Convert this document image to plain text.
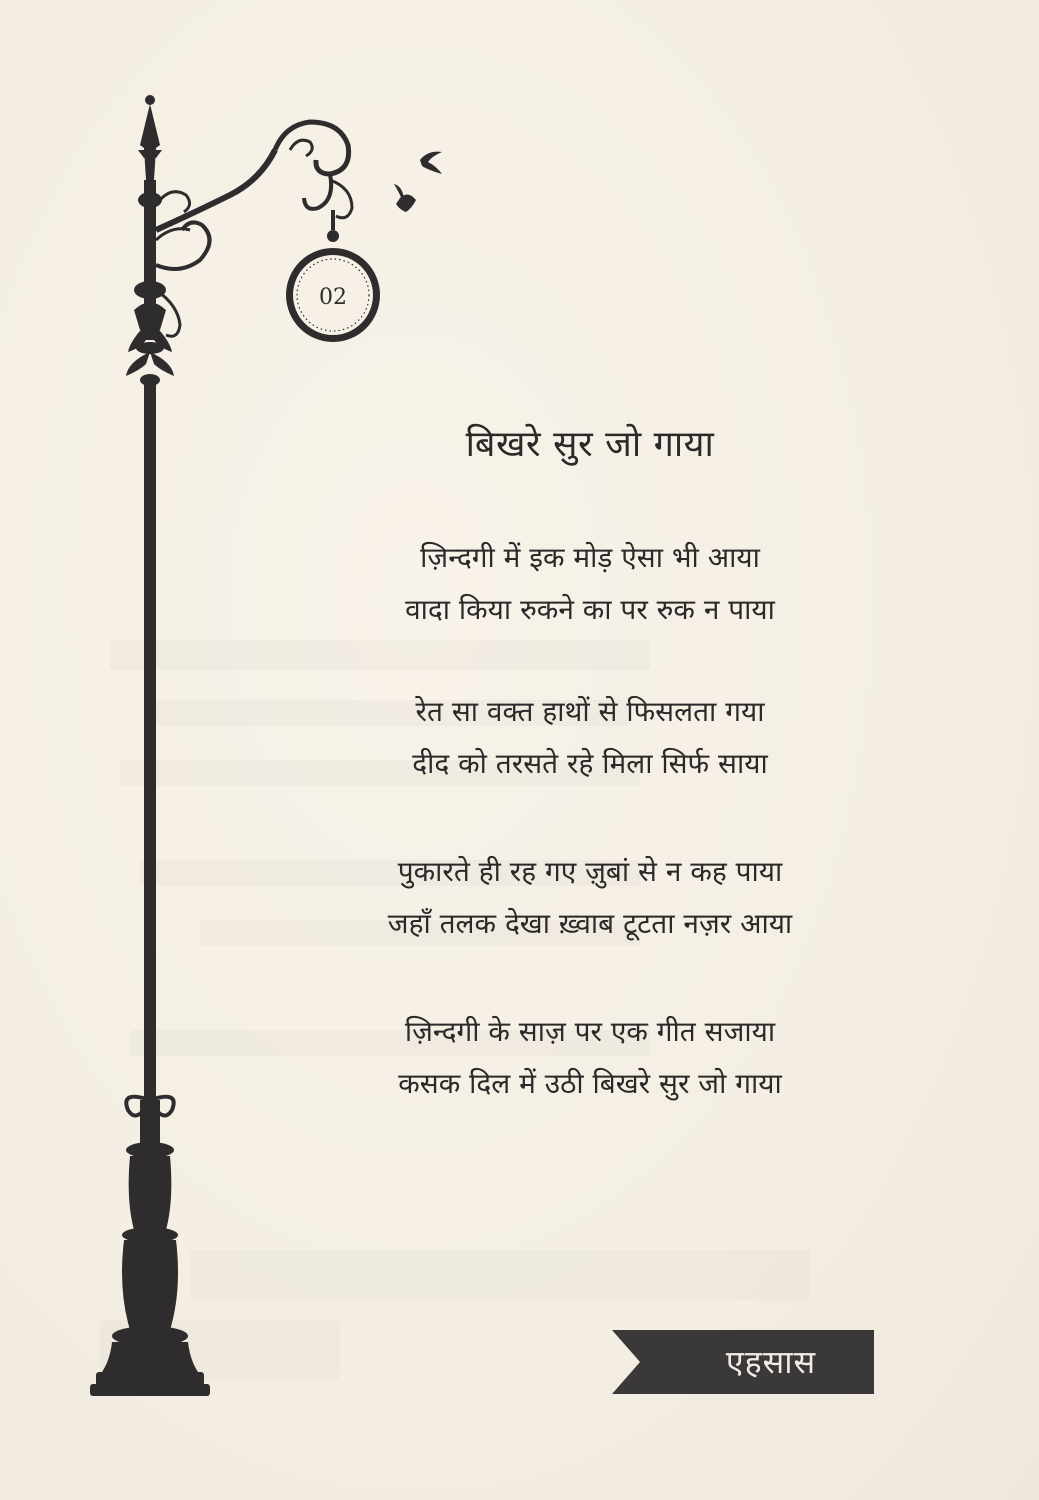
02
बिखरे सुर जो गाया
ज़िन्दगी में इक मोड़ ऐसा भी आया
वादा किया रुकने का पर रुक न पाया
रेत सा वक्त हाथों से फिसलता गया
दीद को तरसते रहे मिला सिर्फ साया
पुकारते ही रह गए ज़ुबां से न कह पाया
जहाँ तलक देखा ख़्वाब टूटता नज़र आया
ज़िन्दगी के साज़ पर एक गीत सजाया
कसक दिल में उठी बिखरे सुर जो गाया
एहसास
